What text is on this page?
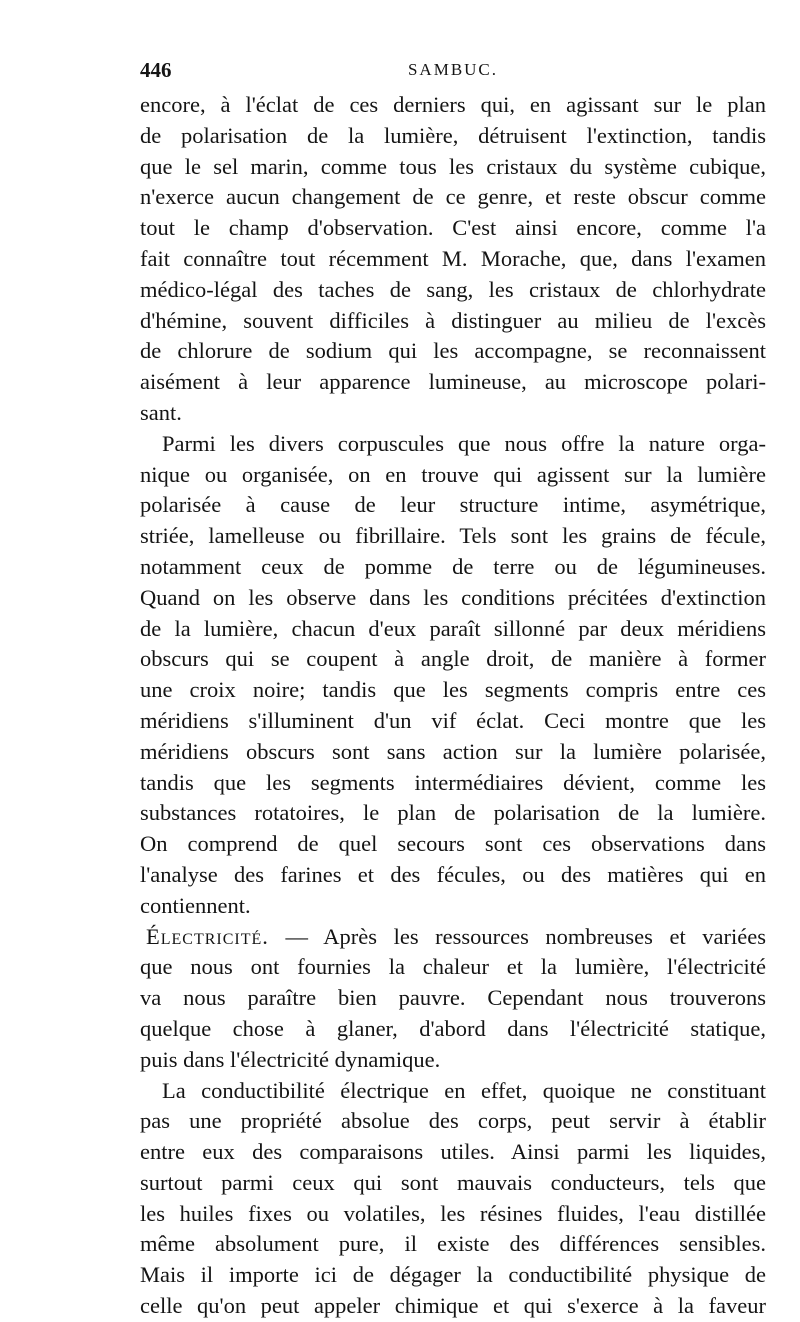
446	SAMBUC.
encore, à l'éclat de ces derniers qui, en agissant sur le plan
de polarisation de la lumière, détruisent l'extinction, tandis
que le sel marin, comme tous les cristaux du système cubique,
n'exerce aucun changement de ce genre, et reste obscur comme
tout le champ d'observation. C'est ainsi encore, comme l'a
fait connaître tout récemment M. Morache, que, dans l'examen
médico-légal des taches de sang, les cristaux de chlorhydrate
d'hémine, souvent difficiles à distinguer au milieu de l'excès
de chlorure de sodium qui les accompagne, se reconnaissent
aisément à leur apparence lumineuse, au microscope polari-
sant.
Parmi les divers corpuscules que nous offre la nature orga-
nique ou organisée, on en trouve qui agissent sur la lumière
polarisée à cause de leur structure intime, asymétrique,
striée, lamelleuse ou fibrillaire. Tels sont les grains de fécule,
notamment ceux de pomme de terre ou de légumineuses.
Quand on les observe dans les conditions précitées d'extinction
de la lumière, chacun d'eux paraît sillonné par deux méridiens
obscurs qui se coupent à angle droit, de manière à former
une croix noire; tandis que les segments compris entre ces
méridiens s'illuminent d'un vif éclat. Ceci montre que les
méridiens obscurs sont sans action sur la lumière polarisée,
tandis que les segments intermédiaires dévient, comme les
substances rotatoires, le plan de polarisation de la lumière.
On comprend de quel secours sont ces observations dans
l'analyse des farines et des fécules, ou des matières qui en
contiennent.
Électricité. — Après les ressources nombreuses et variées
que nous ont fournies la chaleur et la lumière, l'électricité
va nous paraître bien pauvre. Cependant nous trouverons
quelque chose à glaner, d'abord dans l'électricité statique,
puis dans l'électricité dynamique.
La conductibilité électrique en effet, quoique ne constituant
pas une propriété absolue des corps, peut servir à établir
entre eux des comparaisons utiles. Ainsi parmi les liquides,
surtout parmi ceux qui sont mauvais conducteurs, tels que
les huiles fixes ou volatiles, les résines fluides, l'eau distillée
même absolument pure, il existe des différences sensibles.
Mais il importe ici de dégager la conductibilité physique de
celle qu'on peut appeler chimique et qui s'exerce à la faveur
